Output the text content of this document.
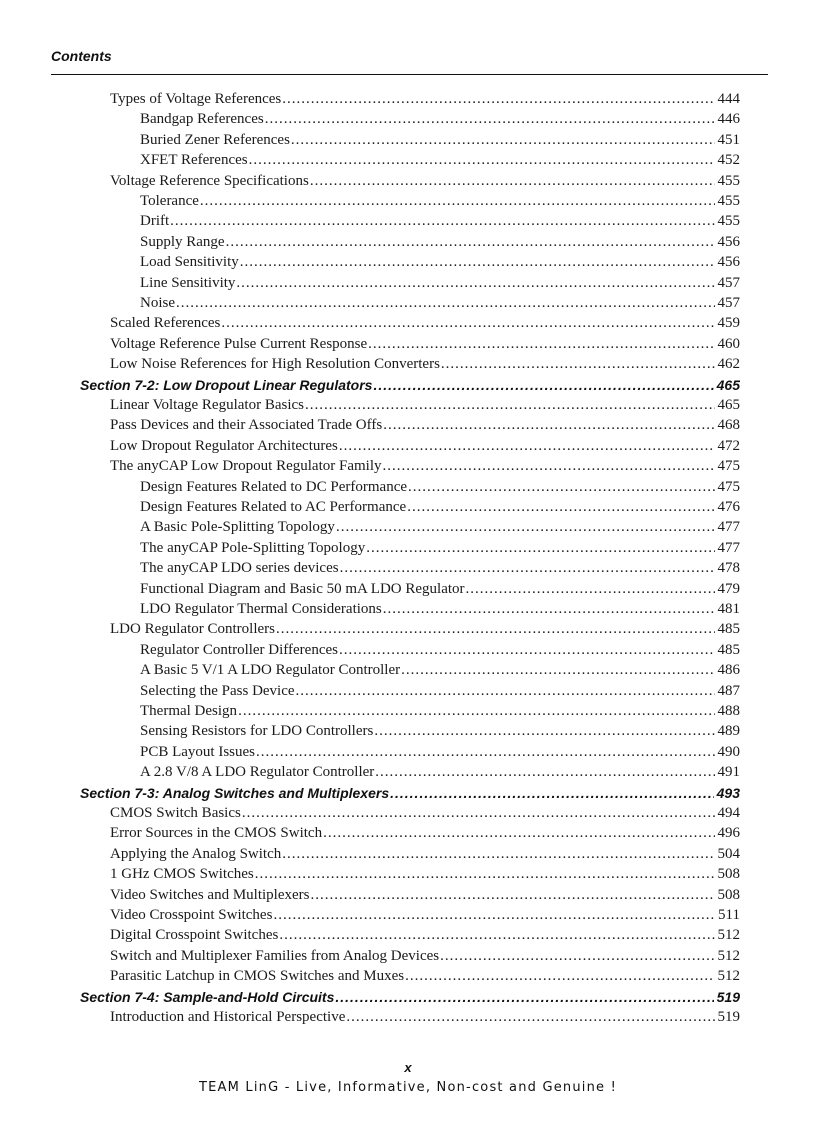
Contents
Types of Voltage References .....	444
Bandgap References .....	446
Buried Zener References .....	451
XFET References .....	452
Voltage Reference Specifications .....	455
Tolerance .....	455
Drift .....	455
Supply Range .....	456
Load Sensitivity .....	456
Line Sensitivity .....	457
Noise .....	457
Scaled References .....	459
Voltage Reference Pulse Current Response .....	460
Low Noise References for High Resolution Converters .....	462
Section 7-2: Low Dropout Linear Regulators .....	465
Linear Voltage Regulator Basics .....	465
Pass Devices and their Associated Trade Offs .....	468
Low Dropout Regulator Architectures .....	472
The anyCAP Low Dropout Regulator Family .....	475
Design Features Related to DC Performance .....	475
Design Features Related to AC Performance .....	476
A Basic Pole-Splitting Topology .....	477
The anyCAP Pole-Splitting Topology .....	477
The anyCAP LDO series devices .....	478
Functional Diagram and Basic 50 mA LDO Regulator .....	479
LDO Regulator Thermal Considerations .....	481
LDO Regulator Controllers .....	485
Regulator Controller Differences .....	485
A Basic 5 V/1 A LDO Regulator Controller .....	486
Selecting the Pass Device .....	487
Thermal Design .....	488
Sensing Resistors for LDO Controllers .....	489
PCB Layout Issues .....	490
A 2.8 V/8 A LDO Regulator Controller .....	491
Section 7-3: Analog Switches and Multiplexers .....	493
CMOS Switch Basics .....	494
Error Sources in the CMOS Switch .....	496
Applying the Analog Switch .....	504
1 GHz CMOS Switches .....	508
Video Switches and Multiplexers .....	508
Video Crosspoint Switches .....	511
Digital Crosspoint Switches .....	512
Switch and Multiplexer Families from Analog Devices .....	512
Parasitic Latchup in CMOS Switches and Muxes .....	512
Section 7-4: Sample-and-Hold Circuits .....	519
Introduction and Historical Perspective .....	519
x
TEAM LinG - Live, Informative, Non-cost and Genuine !
